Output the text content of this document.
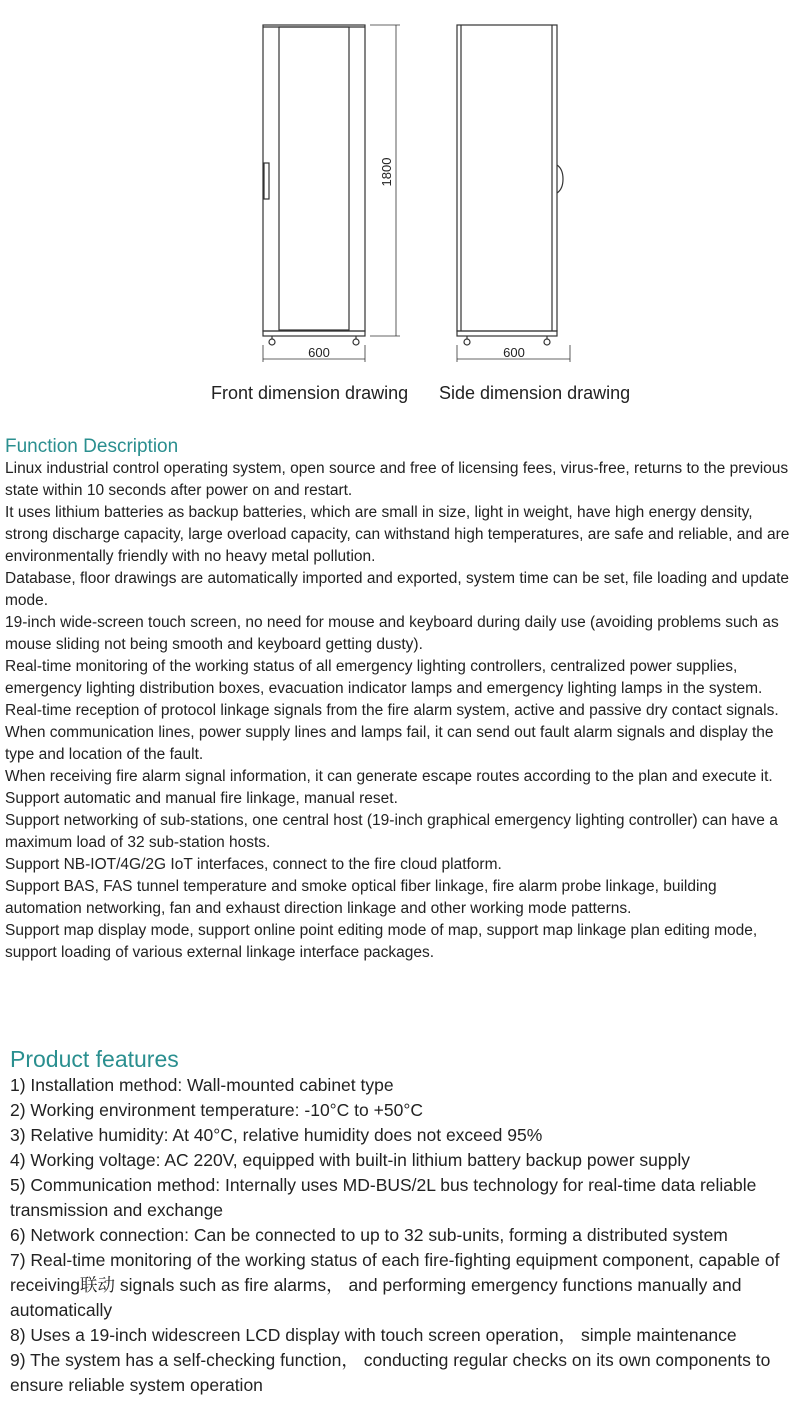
600
1800
600
Front dimension drawing Side dimension drawing
Function Description

Linux industrial control operating system, open source and free of licensing fees, virus-free, returns to the previous state within 10 seconds after power on and restart.

It uses lithium batteries as backup batteries, which are small in size, light in weight, have high energy density, strong discharge capacity, large overload capacity, can withstand high temperatures, are safe and reliable, and are environmentally friendly with no heavy metal pollution.

Database, floor drawings are automatically imported and exported, system time can be set, file loading and update mode.

19-inch wide-screen touch screen, no need for mouse and keyboard during daily use (avoiding problems such as mouse sliding not being smooth and keyboard getting dusty).

Real-time monitoring of the working status of all emergency lighting controllers, centralized power supplies, emergency lighting distribution boxes, evacuation indicator lamps and emergency lighting lamps in the system.

Real-time reception of protocol linkage signals from the fire alarm system, active and passive dry contact signals.

When communication lines, power supply lines and lamps fail, it can send out fault alarm signals and display the type and location of the fault.

When receiving fire alarm signal information, it can generate escape routes according to the plan and execute it.

Support automatic and manual fire linkage, manual reset.

Support networking of sub-stations, one central host (19-inch graphical emergency lighting controller) can have a maximum load of 32 sub-station hosts.

Support NB-IOT/4G/2G IoT interfaces, connect to the fire cloud platform.

Support BAS, FAS tunnel temperature and smoke optical fiber linkage, fire alarm probe linkage, building automation networking, fan and exhaust direction linkage and other working mode patterns.

Support map display mode, support online point editing mode of map, support map linkage plan editing mode, support loading of various external linkage interface packages.

Product features

1) Installation method: Wall-mounted cabinet type

2) Working environment temperature: -10°C to +50°C

3) Relative humidity: At 40°C, relative humidity does not exceed 95%

4) Working voltage: AC 220V, equipped with built-in lithium battery backup power supply

5) Communication method: Internally uses MD-BUS/2L bus technology for real-time data reliable transmission and exchange

6) Network connection: Can be connected to up to 32 sub-units, forming a distributed system

7) Real-time monitoring of the working status of each fire-fighting equipment component, capable of receiving联动 signals such as fire alarms， and performing emergency functions manually and automatically

8) Uses a 19-inch widescreen LCD display with touch screen operation， simple maintenance

9) The system has a self-checking function， conducting regular checks on its own components to ensure reliable system operation
